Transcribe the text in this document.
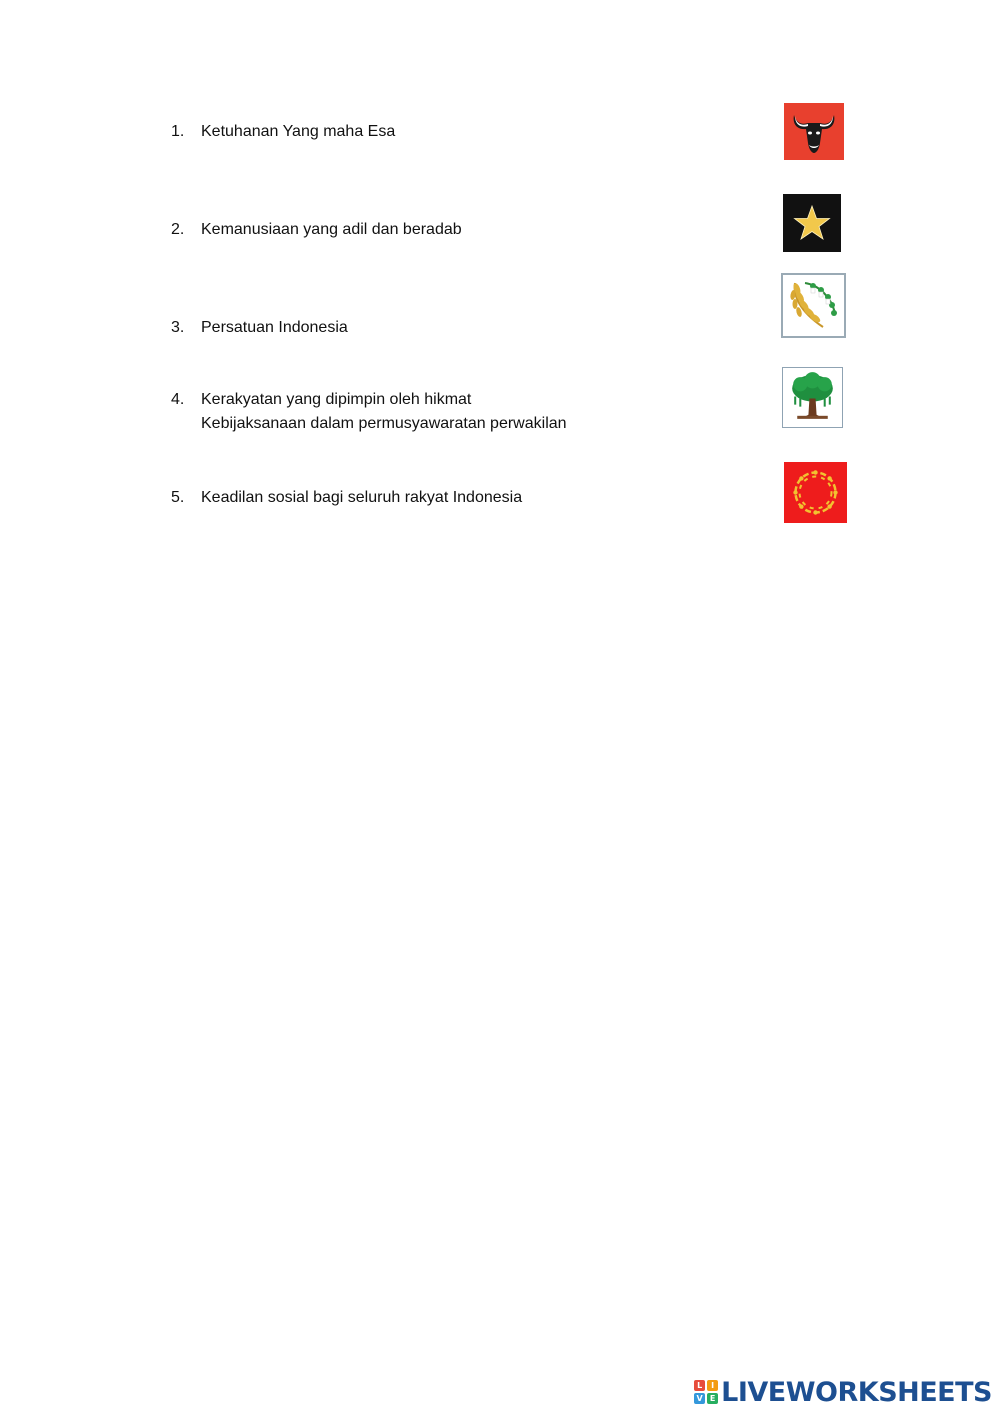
1. Ketuhanan Yang maha Esa
2. Kemanusiaan yang adil dan beradab
3. Persatuan Indonesia
4. Kerakyatan yang dipimpin oleh hikmat
Kebijaksanaan dalam permusyawaratan perwakilan
5. Keadilan sosial bagi seluruh rakyat Indonesia
L	I
V E LIVEWORKSHEETS
